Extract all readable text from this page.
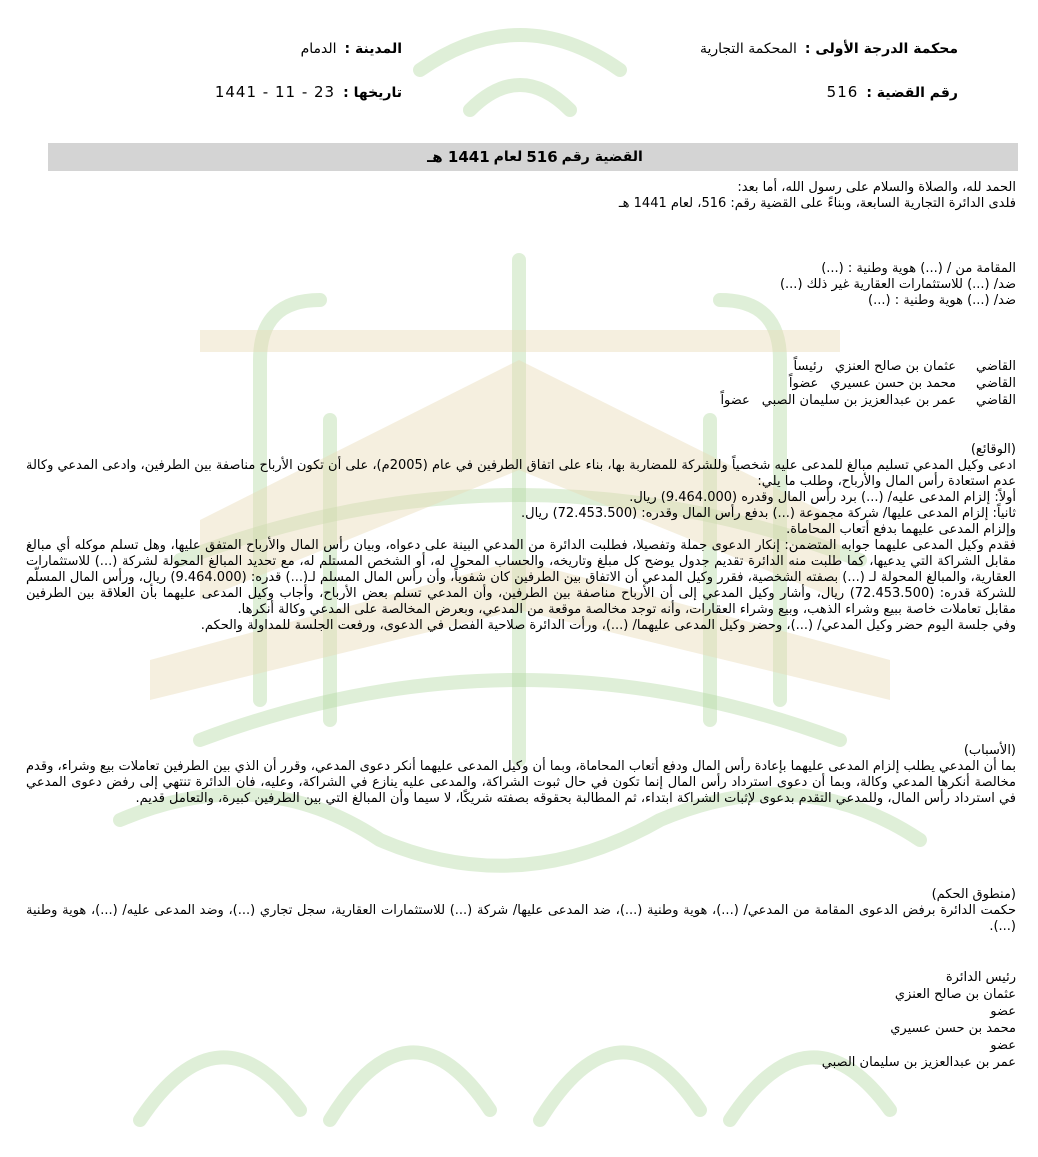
محكمة الدرجة الأولى :
المحكمة التجارية
المدينة :
الدمام
رقم القضية :
516
تاريخها :
23 - 11 - 1441
القضية رقم
516
لعام
1441 هـ
الحمد لله، والصلاة والسلام على رسول الله، أما بعد:
فلدى الدائرة التجارية السابعة، وبناءً على القضية رقم: 516، لعام 1441 هـ
المقامة من / (...) هوية وطنية : (...)
ضد/ (...) للاستثمارات العقارية غير ذلك (...)
ضد/ (...) هوية وطنية : (...)
القاضي
عثمان بن صالح العنزي
رئيساً
القاضي
محمد بن حسن عسيري
عضواً
القاضي
عمر بن عبدالعزيز بن سليمان الصبي
عضواً
(الوقائع)
ادعى وكيل المدعي تسليم مبالغ للمدعى عليه شخصياً وللشركة للمضاربة بها، بناء على اتفاق الطرفين في عام (2005م)، على أن تكون الأرباح مناصفة بين الطرفين، وادعى المدعي وكالة عدم استعادة رأس المال والأرباح، وطلب ما يلي:
أولاً: إلزام المدعى عليه/ (...) برد رأس المال وقدره (9.464.000) ريال.
ثانياً: إلزام المدعى عليها/ شركة مجموعة (...) بدفع رأس المال وقدره: (72.453.500) ريال.
وإلزام المدعى عليهما بدفع أتعاب المحاماة.
فقدم وكيل المدعى عليهما جوابه المتضمن: إنكار الدعوى جملة وتفصيلا، فطلبت الدائرة من المدعي البينة على دعواه، وبيان رأس المال والأرباح المتفق عليها، وهل تسلم موكله أي مبالغ مقابل الشراكة التي يدعيها، كما طلبت منه الدائرة تقديم جدول يوضح كل مبلغ وتاريخه، والحساب المحول له، أو الشخص المستلم له، مع تحديد المبالغ المحولة لشركة (...) للاستثمارات العقارية، والمبالغ المحولة لـ (...) بصفته الشخصية، فقرر وكيل المدعي أن الاتفاق بين الطرفين كان شفوياً، وأن رأس المال المسلم لـ(...) قدره: (9.464.000) ريال، ورأس المال المسلّم للشركة قدره: (72.453.500) ريال، وأشار وكيل المدعي إلى أن الأرباح مناصفة بين الطرفين، وأن المدعي تسلم بعض الأرباح، وأجاب وكيل المدعى عليهما بأن العلاقة بين الطرفين مقابل تعاملات خاصة ببيع وشراء الذهب، وبيع وشراء العقارات، وأنه توجد مخالصة موقعة من المدعي، وبعرض المخالصة على المدعي وكالة أنكرها.
وفي جلسة اليوم حضر وكيل المدعي/ (...)، وحضر وكيل المدعى عليهما/ (...)، ورأت الدائرة صلاحية الفصل في الدعوى، ورفعت الجلسة للمداولة والحكم.
(الأسباب)
بما أن المدعي يطلب إلزام المدعى عليهما بإعادة رأس المال ودفع أتعاب المحاماة، وبما أن وكيل المدعى عليهما أنكر دعوى المدعي، وقرر أن الذي بين الطرفين تعاملات بيع وشراء، وقدم مخالصة أنكرها المدعي وكالة، وبما أن دعوى استرداد رأس المال إنما تكون في حال ثبوت الشراكة، والمدعى عليه ينازع في الشراكة، وعليه، فان الدائرة تنتهي إلى رفض دعوى المدعي في استرداد رأس المال، وللمدعي التقدم بدعوى لإثبات الشراكة ابتداء، ثم المطالبة بحقوقه بصفته شريكًا، لا سيما وأن المبالغ التي بين الطرفين كبيرة، والتعامل قديم.
(منطوق الحكم)
حكمت الدائرة برفض الدعوى المقامة من المدعي/ (...)، هوية وطنية (...)، ضد المدعى عليها/ شركة (...) للاستثمارات العقارية، سجل تجاري (...)، وضد المدعى عليه/ (...)، هوية وطنية (...).
رئيس الدائرة
عثمان بن صالح العنزي
عضو
محمد بن حسن عسيري
عضو
عمر بن عبدالعزيز بن سليمان الصبي
